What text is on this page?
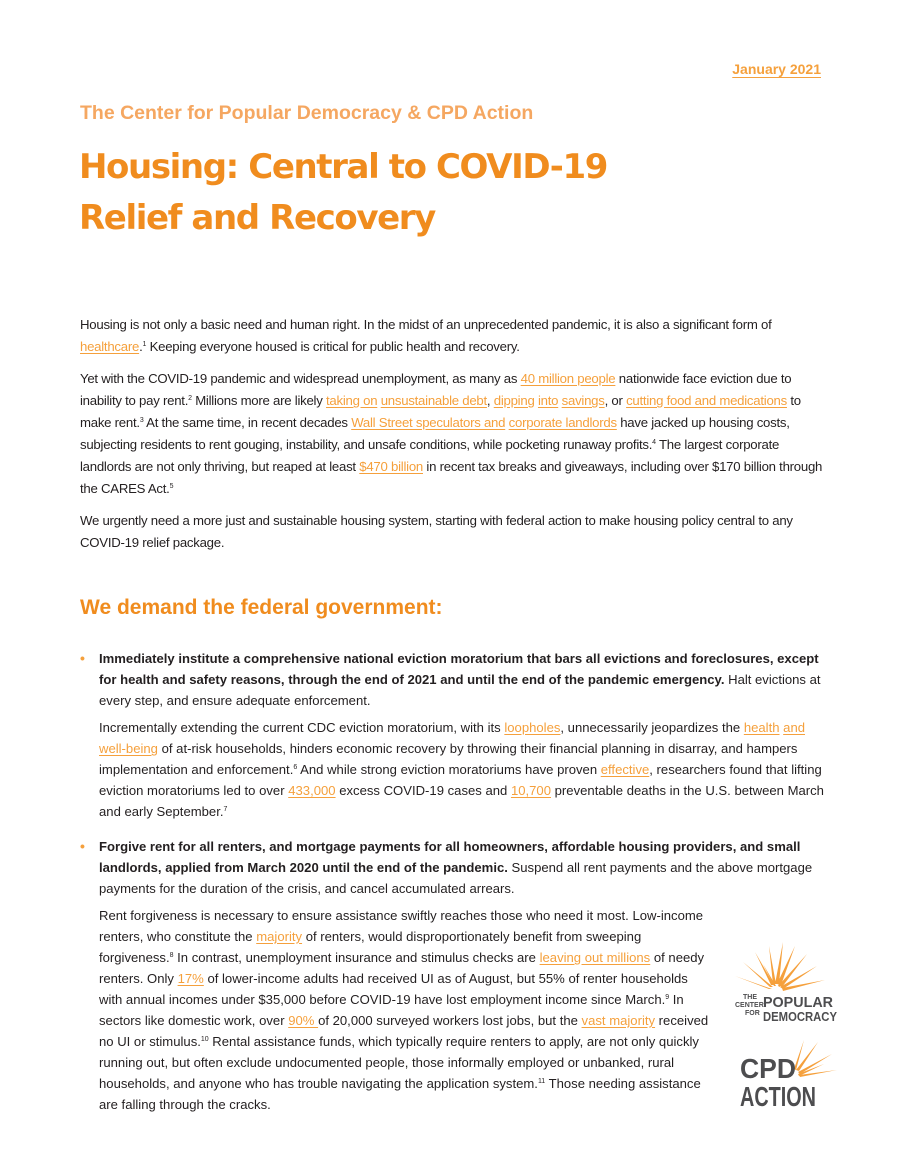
January 2021
The Center for Popular Democracy & CPD Action
Housing: Central to COVID-19
Relief and Recovery

Housing is not only a basic need and human right. In the midst of an unprecedented pandemic, it is also a significant form of healthcare.$^1$ Keeping everyone housed is critical for public health and recovery.

Yet with the COVID-19 pandemic and widespread unemployment, as many as 40 million people nationwide face eviction due to inability to pay rent.$^2$ Millions more are likely taking on unsustainable debt, dipping into savings, or cutting food and medications to make rent.$^3$ At the same time, in recent decades Wall Street speculators and corporate landlords have jacked up housing costs, subjecting residents to rent gouging, instability, and unsafe conditions, while pocketing runaway profits.$^4$ The largest corporate landlords are not only thriving, but reaped at least $470 billion in recent tax breaks and giveaways, including over $170 billion through the CARES Act.$^5$

We urgently need a more just and sustainable housing system, starting with federal action to make housing policy central to any COVID-19 relief package.

We demand the federal government:
• Immediately institute a comprehensive national eviction moratorium that bars all evictions and foreclosures, except for health and safety reasons, through the end of 2021 and until the end of the pandemic emergency. Halt evictions at every step, and ensure adequate enforcement.

Incrementally extending the current CDC eviction moratorium, with its loopholes, unnecessarily jeopardizes the health and well-being of at-risk households, hinders economic recovery by throwing their financial planning in disarray, and hampers implementation and enforcement.$^6$ And while strong eviction moratoriums have proven effective, researchers found that lifting eviction moratoriums led to over 433,000 excess COVID-19 cases and 10,700 preventable deaths in the U.S. between March and early September.$^7$

• Forgive rent for all renters, and mortgage payments for all homeowners, affordable housing providers, and small landlords, applied from March 2020 until the end of the pandemic. Suspend all rent payments and the above mortgage payments for the duration of the crisis, and cancel accumulated arrears.

Rent forgiveness is necessary to ensure assistance swiftly reaches those who need it most. Low-income renters, who constitute the majority of renters, would disproportionately benefit from sweeping forgiveness.$^8$ In contrast, unemployment insurance and stimulus checks are leaving out millions of needy renters. Only 17% of lower-income adults had received UI as of August, but 55% of renter households with annual incomes under $35,000 before COVID-19 have lost employment income since March.$^9$ In sectors like domestic work, over 90% of 20,000 surveyed workers lost jobs, but the vast majority received no UI or stimulus.$^{10}$ Rental assistance funds, which typically require renters to apply, are not only quickly running out, but often exclude undocumented people, those informally employed or unbanked, rural households, and anyone who has trouble navigating the application system.$^{11}$ Those needing assistance are falling through the cracks.

THE
CENTER
FOR
POPULAR
DEMOCRACY
CPD
ACTION
